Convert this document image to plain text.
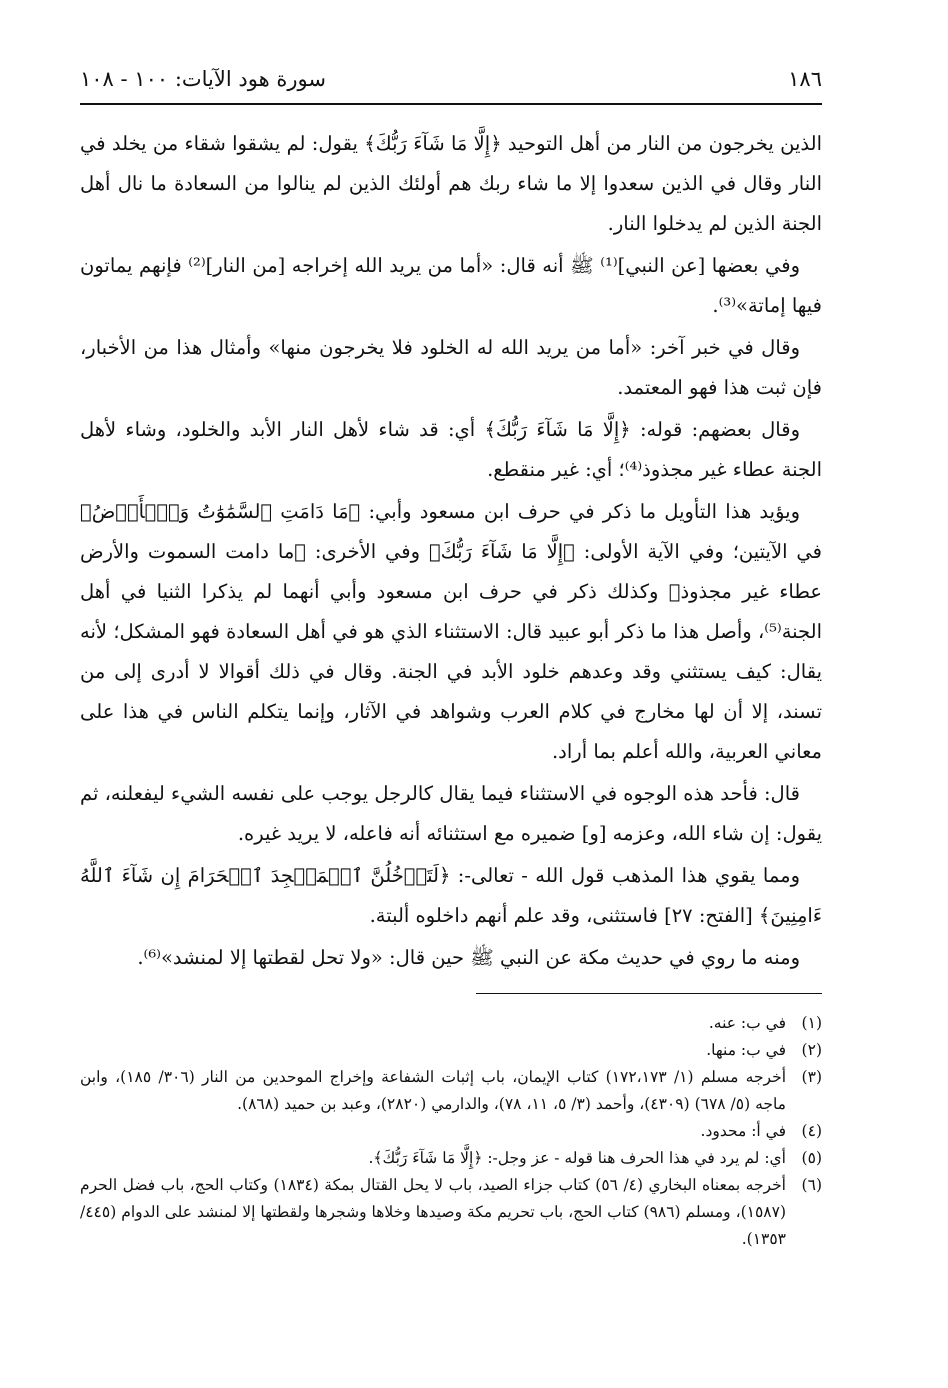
١٨٦
سورة هود الآيات: ١٠٠ - ١٠٨

الذين يخرجون من النار من أهل التوحيد ﴿إِلَّا مَا شَآءَ رَبُّكَ﴾ يقول: لم يشقوا شقاء من يخلد في النار وقال في الذين سعدوا إلا ما شاء ربك هم أولئك الذين لم ينالوا من السعادة ما نال أهل الجنة الذين لم يدخلوا النار.

وفي بعضها [عن النبي]⁽¹⁾ ﷺ أنه قال: «أما من يريد الله إخراجه [من النار]⁽²⁾ فإنهم يماتون فيها إماتة»⁽³⁾.

وقال في خبر آخر: «أما من يريد الله له الخلود فلا يخرجون منها» وأمثال هذا من الأخبار، فإن ثبت هذا فهو المعتمد.

وقال بعضهم: قوله: ﴿إِلَّا مَا شَآءَ رَبُّكَ﴾ أي: قد شاء لأهل النار الأبد والخلود، وشاء لأهل الجنة عطاء غير مجذوذ⁽⁴⁾؛ أي: غير منقطع.

ويؤيد هذا التأويل ما ذكر في حرف ابن مسعود وأبي: ﴿مَا دَامَتِ ٱلسَّمَٰوَٰتُ وَٱلۡأَرۡضُ﴾ في الآيتين؛ وفي الآية الأولى: ﴿إِلَّا مَا شَآءَ رَبُّكَ﴾ وفي الأخرى: ﴿ما دامت السموت والأرض عطاء غير مجذوذ﴾ وكذلك ذكر في حرف ابن مسعود وأبي أنهما لم يذكرا الثنيا في أهل الجنة⁽⁵⁾، وأصل هذا ما ذكر أبو عبيد قال: الاستثناء الذي هو في أهل السعادة فهو المشكل؛ لأنه يقال: كيف يستثني وقد وعدهم خلود الأبد في الجنة. وقال في ذلك أقوالا لا أدرى إلى من تسند، إلا أن لها مخارج في كلام العرب وشواهد في الآثار، وإنما يتكلم الناس في هذا على معاني العربية، والله أعلم بما أراد.

قال: فأحد هذه الوجوه في الاستثناء فيما يقال كالرجل يوجب على نفسه الشيء ليفعلنه، ثم يقول: إن شاء الله، وعزمه [و] ضميره مع استثنائه أنه فاعله، لا يريد غيره.

ومما يقوي هذا المذهب قول الله - تعالى-: ﴿لَتَدۡخُلُنَّ ٱلۡمَسۡجِدَ ٱلۡحَرَامَ إِن شَآءَ ٱللَّهُ ءَامِنِينَ﴾ [الفتح: ٢٧] فاستثنى، وقد علم أنهم داخلوه ألبتة.

ومنه ما روي في حديث مكة عن النبي ﷺ حين قال: «ولا تحل لقطتها إلا لمنشد»⁽⁶⁾.

(١)
في ب: عنه.
(٢)
في ب: منها.
(٣)
أخرجه مسلم (١/ ١٧٢،١٧٣) كتاب الإيمان، باب إثبات الشفاعة وإخراج الموحدين من النار (٣٠٦/ ١٨٥)، وابن ماجه (٥/ ٦٧٨) (٤٣٠٩)، وأحمد (٣/ ٥، ١١، ٧٨)، والدارمي (٢٨٢٠)، وعبد بن حميد (٨٦٨).
(٤)
في أ: محدود.
(٥)
أي: لم يرد في هذا الحرف هنا قوله - عز وجل-: ﴿إِلَّا مَا شَآءَ رَبُّكَ﴾.
(٦)
أخرجه بمعناه البخاري (٤/ ٥٦) كتاب جزاء الصيد، باب لا يحل القتال بمكة (١٨٣٤) وكتاب الحج، باب فضل الحرم (١٥٨٧)، ومسلم (٩٨٦) كتاب الحج، باب تحريم مكة وصيدها وخلاها وشجرها ولقطتها إلا لمنشد على الدوام (٤٤٥/ ١٣٥٣).
